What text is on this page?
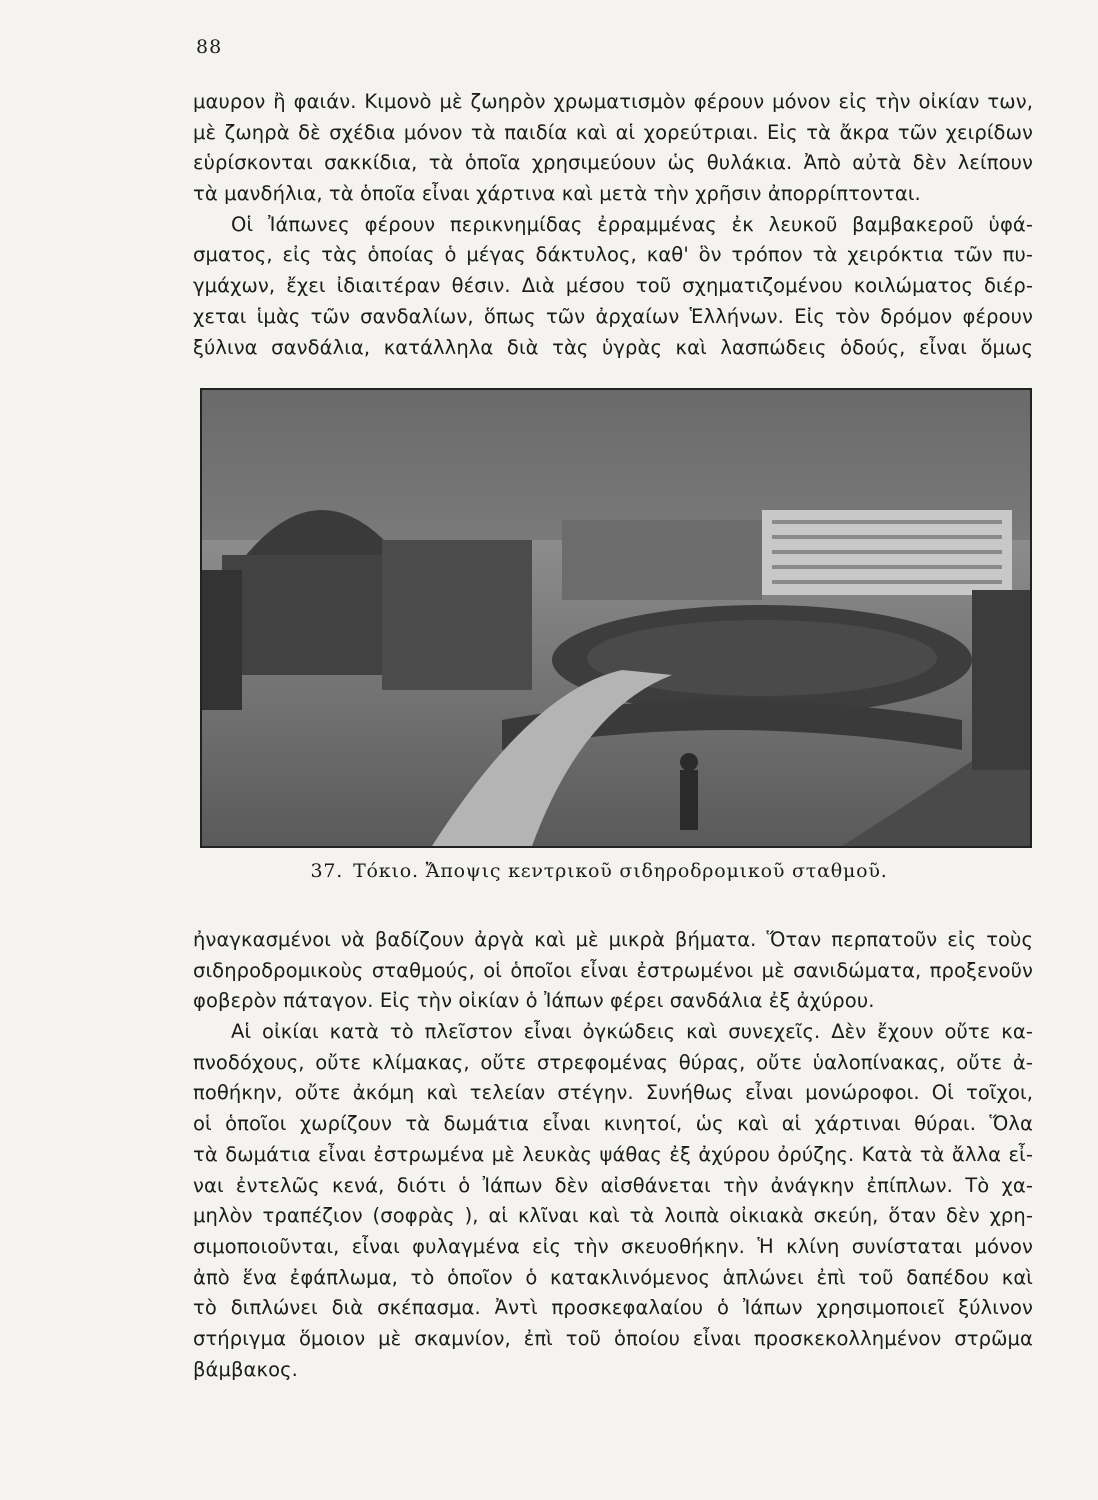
88
μαυρον ἢ φαιάν. Κιμονὸ μὲ ζωηρὸν χρωματισμὸν φέρουν μόνον εἰς τὴν οἰκίαν των,
μὲ ζωηρὰ δὲ σχέδια μόνον τὰ παιδία καὶ αἱ χορεύτριαι. Εἰς τὰ ἄκρα τῶν χειρίδων
εὑρίσκονται σακκίδια, τὰ ὁποῖα χρησιμεύουν ὡς θυλάκια. Ἀπὸ αὐτὰ δὲν λείπουν
τὰ μανδήλια, τὰ ὁποῖα εἶναι χάρτινα καὶ μετὰ τὴν χρῆσιν ἀπορρίπτονται.
Οἱ Ἰάπωνες φέρουν περικνημίδας ἐρραμμένας ἐκ λευκοῦ βαμβακεροῦ ὑφά-
σματος, εἰς τὰς ὁποίας ὁ μέγας δάκτυλος, καθ' ὃν τρόπον τὰ χειρόκτια τῶν πυ-
γμάχων, ἔχει ἰδιαιτέραν θέσιν. Διὰ μέσου τοῦ σχηματιζομένου κοιλώματος διέρ-
χεται ἱμὰς τῶν σανδαλίων, ὅπως τῶν ἀρχαίων Ἑλλήνων. Εἰς τὸν δρόμον φέρουν
ξύλινα σανδάλια, κατάλληλα διὰ τὰς ὑγρὰς καὶ λασπώδεις ὁδούς, εἶναι ὅμως
37. Τόκιο. Ἄποψις κεντρικοῦ σιδηροδρομικοῦ σταθμοῦ.
ἠναγκασμένοι νὰ βαδίζουν ἀργὰ καὶ μὲ μικρὰ βήματα. Ὅταν περπατοῦν εἰς τοὺς
σιδηροδρομικοὺς σταθμούς, οἱ ὁποῖοι εἶναι ἐστρωμένοι μὲ σανιδώματα, προξενοῦν
φοβερὸν πάταγον. Εἰς τὴν οἰκίαν ὁ Ἰάπων φέρει σανδάλια ἐξ ἀχύρου.
Αἱ οἰκίαι κατὰ τὸ πλεῖστον εἶναι ὀγκώδεις καὶ συνεχεῖς. Δὲν ἔχουν οὔτε κα-
πνοδόχους, οὔτε κλίμακας, οὔτε στρεφομένας θύρας, οὔτε ὑαλοπίνακας, οὔτε ἀ-
ποθήκην, οὔτε ἀκόμη καὶ τελείαν στέγην. Συνήθως εἶναι μονώροφοι. Οἱ τοῖχοι,
οἱ ὁποῖοι χωρίζουν τὰ δωμάτια εἶναι κινητοί, ὡς καὶ αἱ χάρτιναι θύραι. Ὅλα
τὰ δωμάτια εἶναι ἐστρωμένα μὲ λευκὰς ψάθας ἐξ ἀχύρου ὀρύζης. Κατὰ τὰ ἄλλα εἶ-
ναι ἐντελῶς κενά, διότι ὁ Ἰάπων δὲν αἰσθάνεται τὴν ἀνάγκην ἐπίπλων. Τὸ χα-
μηλὸν τραπέζιον (σοφρὰς ), αἱ κλῖναι καὶ τὰ λοιπὰ οἰκιακὰ σκεύη, ὅταν δὲν χρη-
σιμοποιοῦνται, εἶναι φυλαγμένα εἰς τὴν σκευοθήκην. Ἡ κλίνη συνίσταται μόνον
ἀπὸ ἕνα ἐφάπλωμα, τὸ ὁποῖον ὁ κατακλινόμενος ἁπλώνει ἐπὶ τοῦ δαπέδου καὶ
τὸ διπλώνει διὰ σκέπασμα. Ἀντὶ προσκεφαλαίου ὁ Ἰάπων χρησιμοποιεῖ ξύλινον
στήριγμα ὅμοιον μὲ σκαμνίον, ἐπὶ τοῦ ὁποίου εἶναι προσκεκολλημένον στρῶμα
βάμβακος.
